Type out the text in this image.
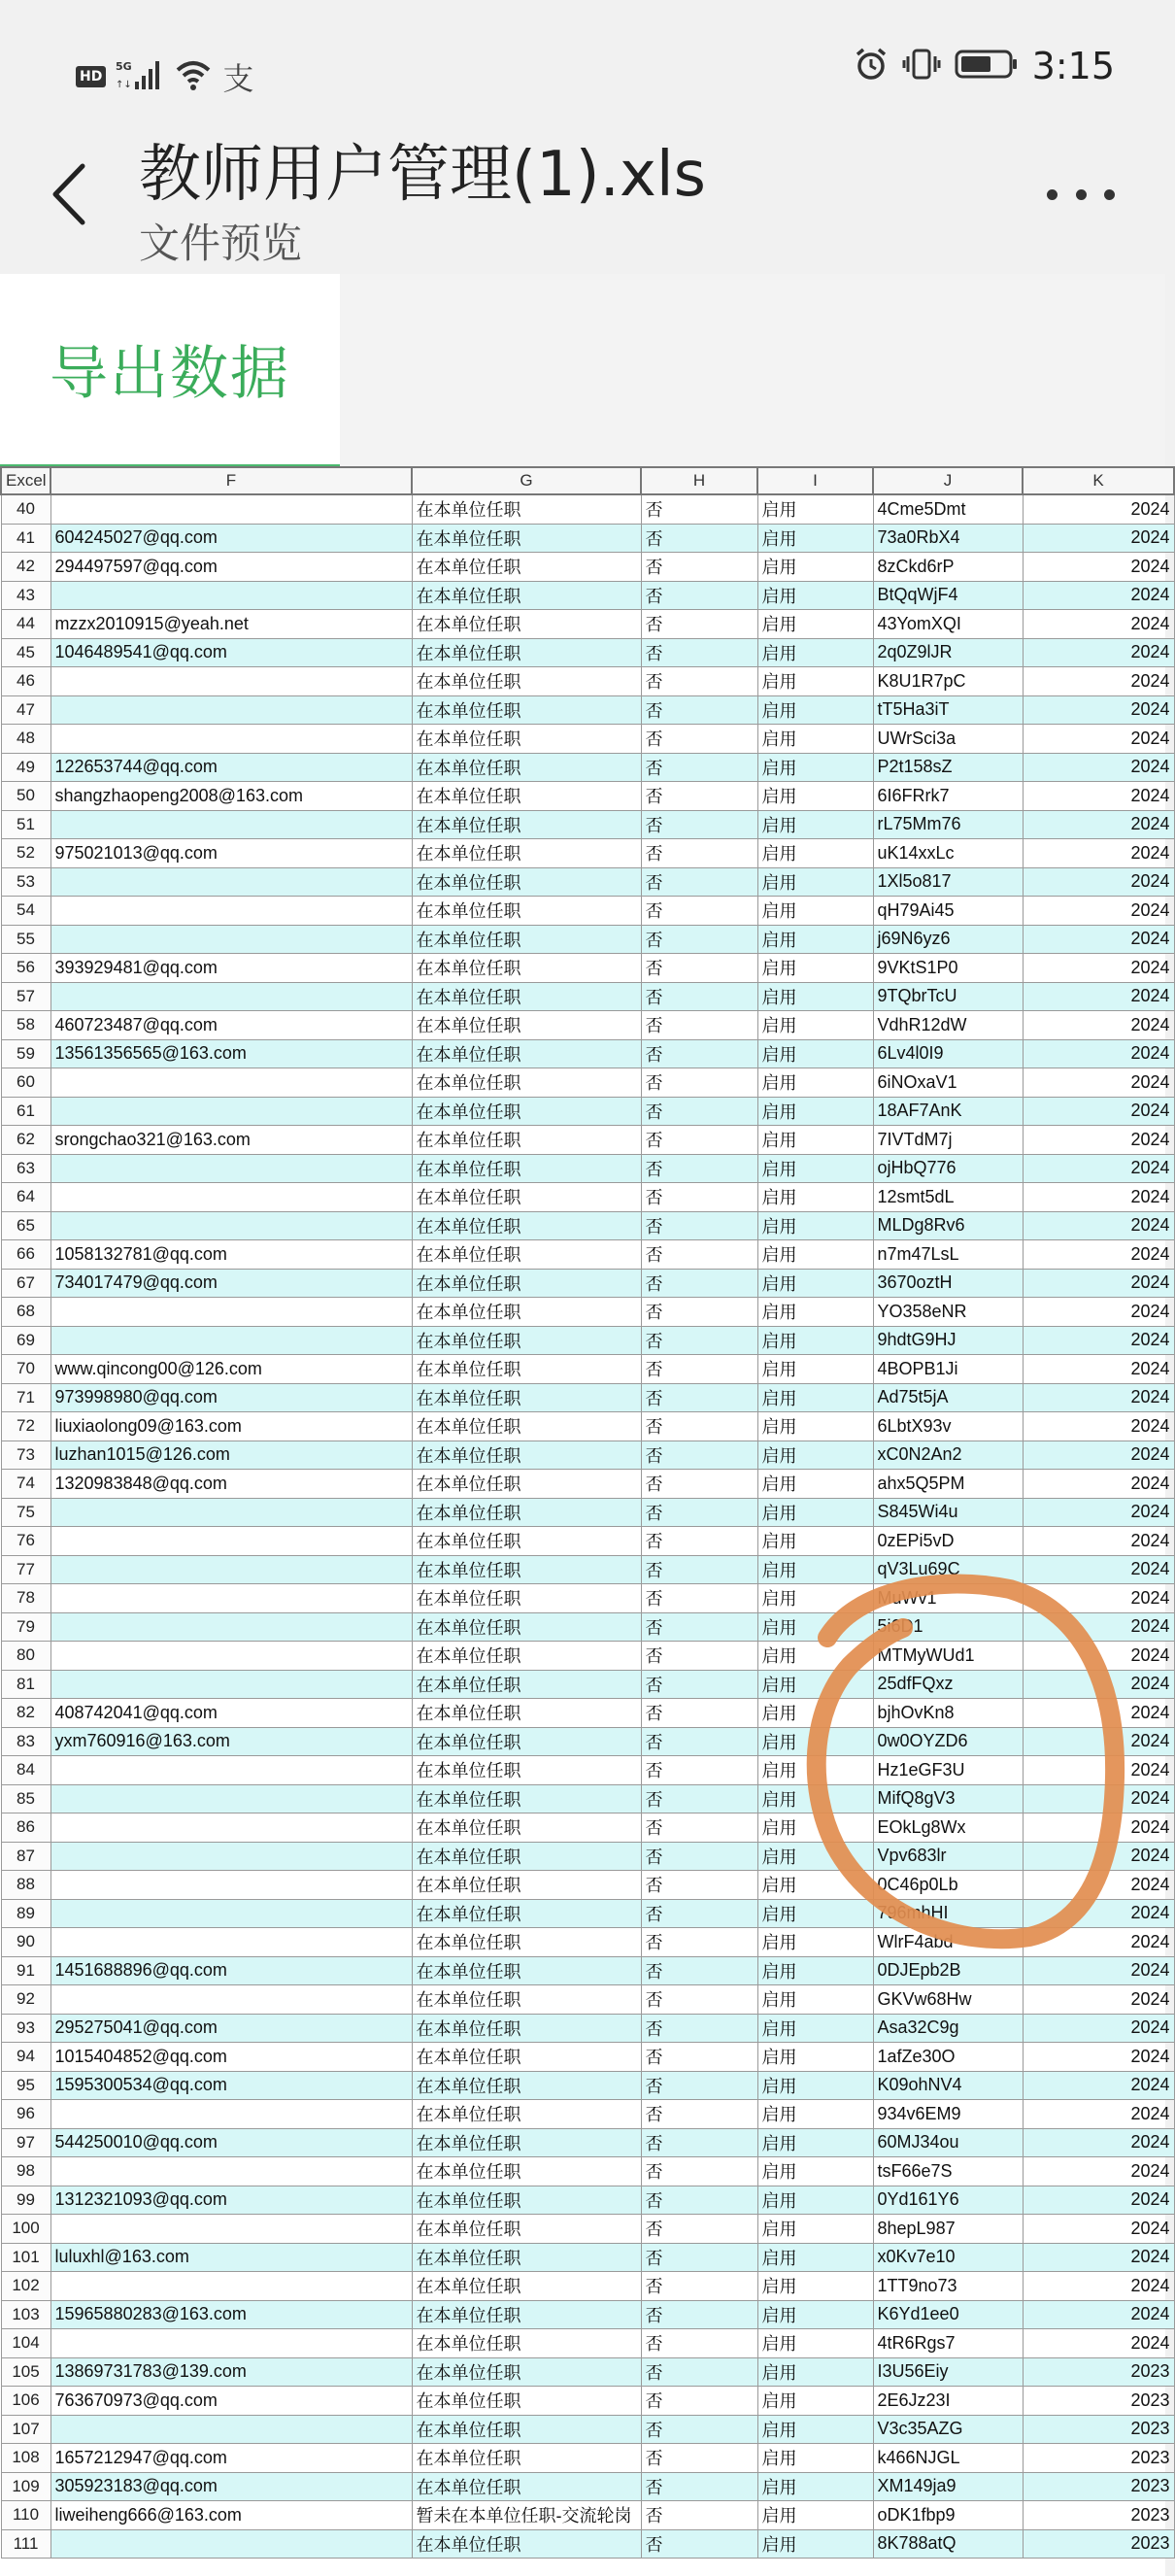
HD
5G
↑↓	支	3:15
教师用户管理(1).xls
文件预览
导出数据
Excel	F	G	H	I	J	K
40		在本单位任职	否	启用	4Cme5Dmt	2024
41	604245027@qq.com	在本单位任职	否	启用	73a0RbX4	2024
42	294497597@qq.com	在本单位任职	否	启用	8zCkd6rP	2024
43		在本单位任职	否	启用	BtQqWjF4	2024
44	mzzx2010915@yeah.net	在本单位任职	否	启用	43YomXQI	2024
45	1046489541@qq.com	在本单位任职	否	启用	2q0Z9lJR	2024
46		在本单位任职	否	启用	K8U1R7pC	2024
47		在本单位任职	否	启用	tT5Ha3iT	2024
48		在本单位任职	否	启用	UWrSci3a	2024
49	122653744@qq.com	在本单位任职	否	启用	P2t158sZ	2024
50	shangzhaopeng2008@163.com	在本单位任职	否	启用	6I6FRrk7	2024
51		在本单位任职	否	启用	rL75Mm76	2024
52	975021013@qq.com	在本单位任职	否	启用	uK14xxLc	2024
53		在本单位任职	否	启用	1Xl5o817	2024
54		在本单位任职	否	启用	qH79Ai45	2024
55		在本单位任职	否	启用	j69N6yz6	2024
56	393929481@qq.com	在本单位任职	否	启用	9VKtS1P0	2024
57		在本单位任职	否	启用	9TQbrTcU	2024
58	460723487@qq.com	在本单位任职	否	启用	VdhR12dW	2024
59	13561356565@163.com	在本单位任职	否	启用	6Lv4l0I9	2024
60		在本单位任职	否	启用	6iNOxaV1	2024
61		在本单位任职	否	启用	18AF7AnK	2024
62	srongchao321@163.com	在本单位任职	否	启用	7IVTdM7j	2024
63		在本单位任职	否	启用	ojHbQ776	2024
64		在本单位任职	否	启用	12smt5dL	2024
65		在本单位任职	否	启用	MLDg8Rv6	2024
66	1058132781@qq.com	在本单位任职	否	启用	n7m47LsL	2024
67	734017479@qq.com	在本单位任职	否	启用	3670oztH	2024
68		在本单位任职	否	启用	YO358eNR	2024
69		在本单位任职	否	启用	9hdtG9HJ	2024
70	www.qincong00@126.com	在本单位任职	否	启用	4BOPB1Ji	2024
71	973998980@qq.com	在本单位任职	否	启用	Ad75t5jA	2024
72	liuxiaolong09@163.com	在本单位任职	否	启用	6LbtX93v	2024
73	luzhan1015@126.com	在本单位任职	否	启用	xC0N2An2	2024
74	1320983848@qq.com	在本单位任职	否	启用	ahx5Q5PM	2024
75		在本单位任职	否	启用	S845Wi4u	2024
76		在本单位任职	否	启用	0zEPi5vD	2024
77		在本单位任职	否	启用	qV3Lu69C	2024
78		在本单位任职	否	启用	MuWv1	2024
79		在本单位任职	否	启用	5i6D1	2024
80		在本单位任职	否	启用	MTMyWUd1	2024
81		在本单位任职	否	启用	25dfFQxz	2024
82	408742041@qq.com	在本单位任职	否	启用	bjhOvKn8	2024
83	yxm760916@163.com	在本单位任职	否	启用	0w0OYZD6	2024
84		在本单位任职	否	启用	Hz1eGF3U	2024
85		在本单位任职	否	启用	MifQ8gV3	2024
86		在本单位任职	否	启用	EOkLg8Wx	2024
87		在本单位任职	否	启用	Vpv683lr	2024
88		在本单位任职	否	启用	0C46p0Lb	2024
89		在本单位任职	否	启用	796mhHI	2024
90		在本单位任职	否	启用	WlrF4abd	2024
91	1451688896@qq.com	在本单位任职	否	启用	0DJEpb2B	2024
92		在本单位任职	否	启用	GKVw68Hw	2024
93	295275041@qq.com	在本单位任职	否	启用	Asa32C9g	2024
94	1015404852@qq.com	在本单位任职	否	启用	1afZe30O	2024
95	1595300534@qq.com	在本单位任职	否	启用	K09ohNV4	2024
96		在本单位任职	否	启用	934v6EM9	2024
97	544250010@qq.com	在本单位任职	否	启用	60MJ34ou	2024
98		在本单位任职	否	启用	tsF66e7S	2024
99	1312321093@qq.com	在本单位任职	否	启用	0Yd161Y6	2024
100		在本单位任职	否	启用	8hepL987	2024
101	luluxhl@163.com	在本单位任职	否	启用	x0Kv7e10	2024
102		在本单位任职	否	启用	1TT9no73	2024
103	15965880283@163.com	在本单位任职	否	启用	K6Yd1ee0	2024
104		在本单位任职	否	启用	4tR6Rgs7	2024
105	13869731783@139.com	在本单位任职	否	启用	I3U56Eiy	2023
106	763670973@qq.com	在本单位任职	否	启用	2E6Jz23I	2023
107		在本单位任职	否	启用	V3c35AZG	2023
108	1657212947@qq.com	在本单位任职	否	启用	k466NJGL	2023
109	305923183@qq.com	在本单位任职	否	启用	XM149ja9	2023
110	liweiheng666@163.com	暂未在本单位任职-交流轮岗	否	启用	oDK1fbp9	2023
111		在本单位任职	否	启用	8K788atQ	2023
